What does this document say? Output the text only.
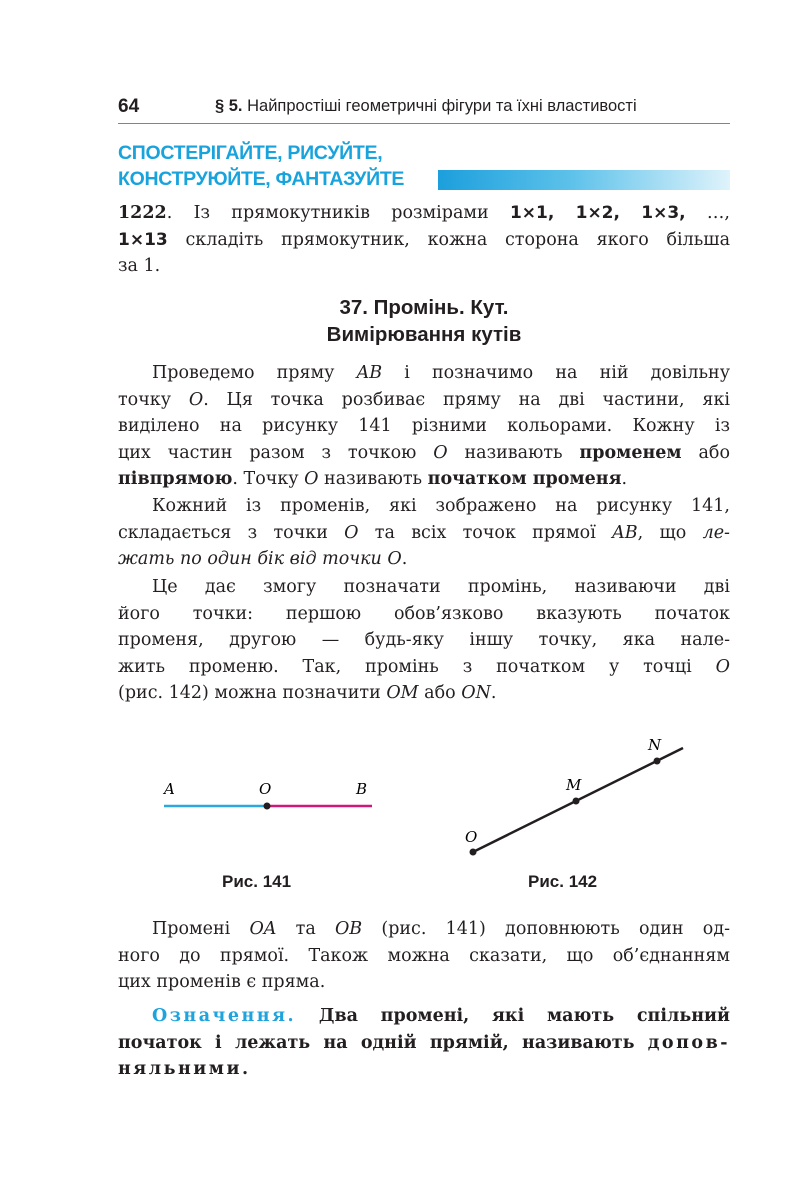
64	§ 5. Найпростіші геометричні фігури та їхні властивості
СПОСТЕРІГАЙТЕ, РИСУЙТЕ,
КОНСТРУЮЙТЕ, ФАНТАЗУЙТЕ
1222. Із прямокутників розмірами 1×1, 1×2, 1×3, …,
1×13 складіть прямокутник, кожна сторона якого більша
за 1.
37. Промінь. Кут.
Вимірювання кутів
Проведемо пряму AB і позначимо на ній довільну
точку O. Ця точка розбиває пряму на дві частини, які
виділено на рисунку 141 різними кольорами. Кожну із
цих частин разом з точкою O називають променем або
півпрямою. Точку O називають початком променя.
Кожний із променів, які зображено на рисунку 141,
складається з точки O та всіх точок прямої AB, що ле-
жать по один бік від точки O.
Це дає змогу позначати промінь, називаючи дві
його точки: першою обов’язково вказують початок
променя, другою — будь-яку іншу точку, яка нале-
жить променю. Так, промінь з початком у точці O
(рис. 142) можна позначити OM або ON.
A	O	B
O
M
N
Рис. 141	Рис. 142
Промені OA та OB (рис. 141) доповнюють один од-
ного до прямої. Також можна сказати, що об’єднанням
цих променів є пряма.
Означення. Два промені, які мають спільний
початок і лежать на одній прямій, називають допов-
няльними.
